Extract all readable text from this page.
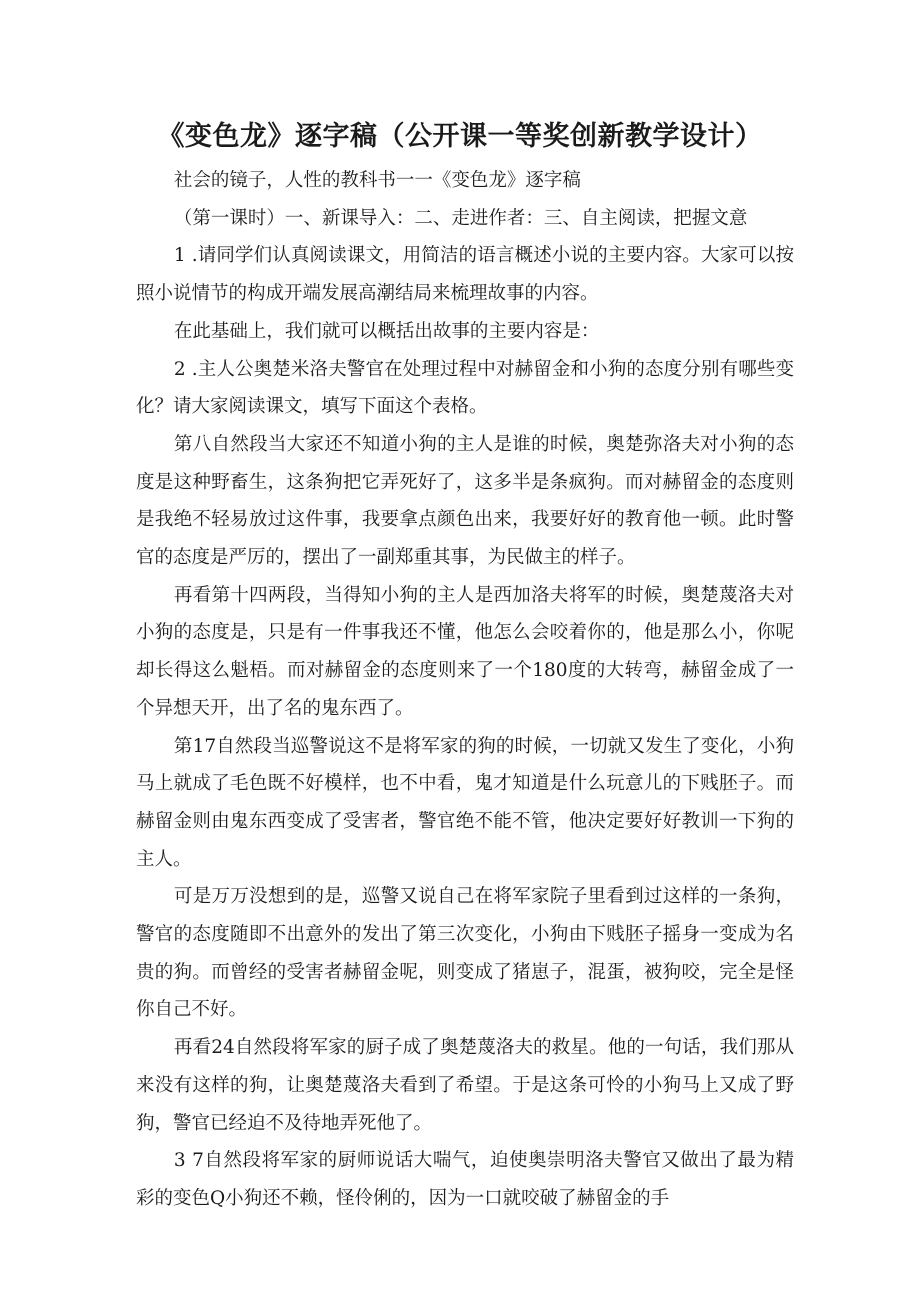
《变色龙》逐字稿（公开课一等奖创新教学设计）

社会的镜子，人性的教科书一一《变色龙》逐字稿

（第一课时）一、新课导入：二、走进作者：三、自主阅读，把握文意

1 .请同学们认真阅读课文，用简洁的语言概述小说的主要内容。大家可以按照小说情节的构成开端发展高潮结局来梳理故事的内容。

在此基础上，我们就可以概括出故事的主要内容是：

2 .主人公奥楚米洛夫警官在处理过程中对赫留金和小狗的态度分别有哪些变化？请大家阅读课文，填写下面这个表格。

第八自然段当大家还不知道小狗的主人是谁的时候，奥楚弥洛夫对小狗的态度是这种野畜生，这条狗把它弄死好了，这多半是条疯狗。而对赫留金的态度则是我绝不轻易放过这件事，我要拿点颜色出来，我要好好的教育他一顿。此时警官的态度是严厉的，摆出了一副郑重其事，为民做主的样子。

再看第十四两段，当得知小狗的主人是西加洛夫将军的时候，奥楚蔑洛夫对小狗的态度是，只是有一件事我还不懂，他怎么会咬着你的，他是那么小，你呢却长得这么魁梧。而对赫留金的态度则来了一个180度的大转弯，赫留金成了一个异想天开，出了名的鬼东西了。

第17自然段当巡警说这不是将军家的狗的时候，一切就又发生了变化，小狗马上就成了毛色既不好模样，也不中看，鬼才知道是什么玩意儿的下贱胚子。而赫留金则由鬼东西变成了受害者，警官绝不能不管，他决定要好好教训一下狗的主人。

可是万万没想到的是，巡警又说自己在将军家院子里看到过这样的一条狗，警官的态度随即不出意外的发出了第三次变化，小狗由下贱胚子摇身一变成为名贵的狗。而曾经的受害者赫留金呢，则变成了猪崽子，混蛋，被狗咬，完全是怪你自己不好。

再看24自然段将军家的厨子成了奥楚蔑洛夫的救星。他的一句话，我们那从来没有这样的狗，让奥楚蔑洛夫看到了希望。于是这条可怜的小狗马上又成了野狗，警官已经迫不及待地弄死他了。

3 7自然段将军家的厨师说话大喘气，迫使奥崇明洛夫警官又做出了最为精彩的变色Q小狗还不赖，怪伶俐的，因为一口就咬破了赫留金的手
